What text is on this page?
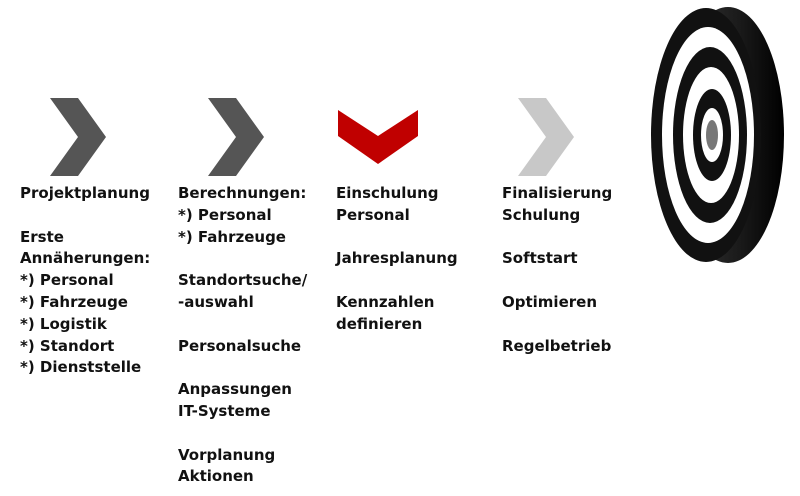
Projektplanung
Erste
Annäherungen:
*) Personal
*) Fahrzeuge
*) Logistik
*) Standort
*) Dienststelle
Berechnungen:
*) Personal
*) Fahrzeuge
Standortsuche/
-auswahl
Personalsuche
Anpassungen
IT-Systeme
Vorplanung
Aktionen
Einschulung
Personal
Jahresplanung
Kennzahlen
definieren
Finalisierung
Schulung
Softstart
Optimieren
Regelbetrieb
